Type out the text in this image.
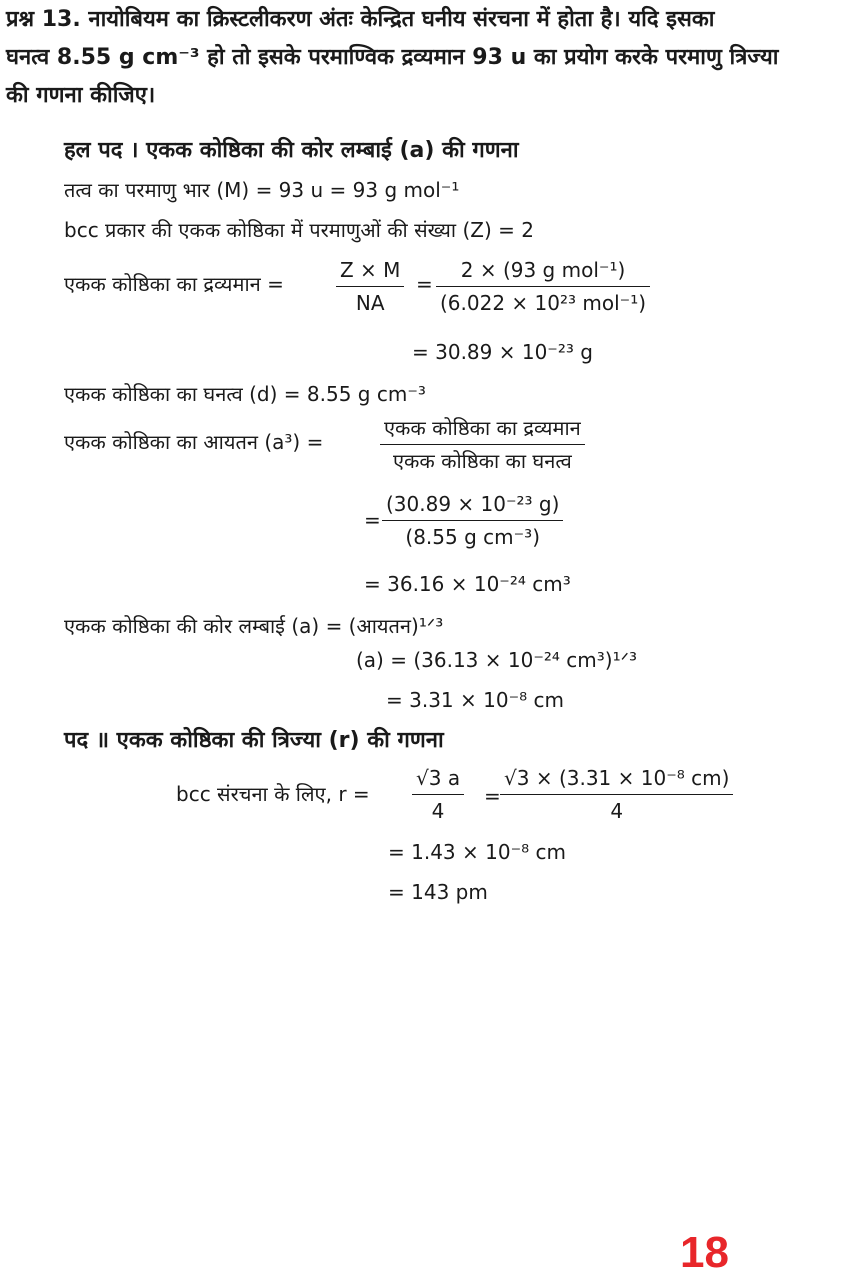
प्रश्न 13. नायोबियम का क्रिस्टलीकरण अंतः केन्द्रित घनीय संरचना में होता है। यदि इसका
घनत्व 8.55 g cm⁻³ हो तो इसके परमाण्विक द्रव्यमान 93 u का प्रयोग करके परमाणु त्रिज्या
की गणना कीजिए।
हल पद । एकक कोष्ठिका की कोर लम्बाई (a) की गणना
तत्व का परमाणु भार (M) = 93 u = 93 g mol⁻¹
bcc प्रकार की एकक कोष्ठिका में परमाणुओं की संख्या (Z) = 2
एकक कोष्ठिका का द्रव्यमान =
Z × M
NA
=
2 × (93 g mol⁻¹)
(6.022 × 10²³ mol⁻¹)
= 30.89 × 10⁻²³ g
एकक कोष्ठिका का घनत्व (d) = 8.55 g cm⁻³
एकक कोष्ठिका का आयतन (a³) =
एकक कोष्ठिका का द्रव्यमान
एकक कोष्ठिका का घनत्व
=
(30.89 × 10⁻²³ g)
(8.55 g cm⁻³)
= 36.16 × 10⁻²⁴ cm³
एकक कोष्ठिका की कोर लम्बाई (a) = (आयतन)¹ᐟ³
(a) = (36.13 × 10⁻²⁴ cm³)¹ᐟ³
= 3.31 × 10⁻⁸ cm
पद ॥ एकक कोष्ठिका की त्रिज्या (r) की गणना
bcc संरचना के लिए, r =
√3 a
4
=
√3 × (3.31 × 10⁻⁸ cm)
4
= 1.43 × 10⁻⁸ cm
= 143 pm
18
